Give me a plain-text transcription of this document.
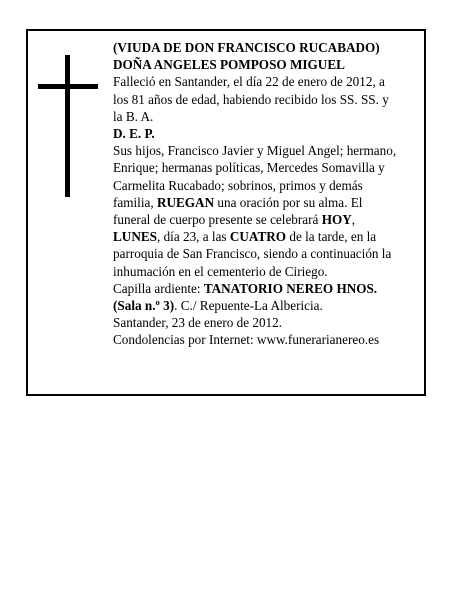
(VIUDA DE DON FRANCISCO RUCABADO)

DOÑA ANGELES POMPOSO MIGUEL

Falleció en Santander, el día 22 de enero de 2012, a los 81 años de edad, habiendo recibido los SS. SS. y la B. A.

D. E. P.

Sus hijos, Francisco Javier y Miguel Angel; hermano, Enrique; hermanas políticas, Mercedes Somavilla y Carmelita Rucabado; sobrinos, primos y demás familia, RUEGAN una oración por su alma. El funeral de cuerpo presente se celebrará HOY, LUNES, día 23, a las CUATRO de la tarde, en la parroquia de San Francisco, siendo a continuación la inhumación en el cementerio de Ciriego.

Capilla ardiente: TANATORIO NEREO HNOS. (Sala n.º 3). C./ Repuente-La Albericia.

Santander, 23 de enero de 2012.

Condolencias por Internet: www.funerarianereo.es
